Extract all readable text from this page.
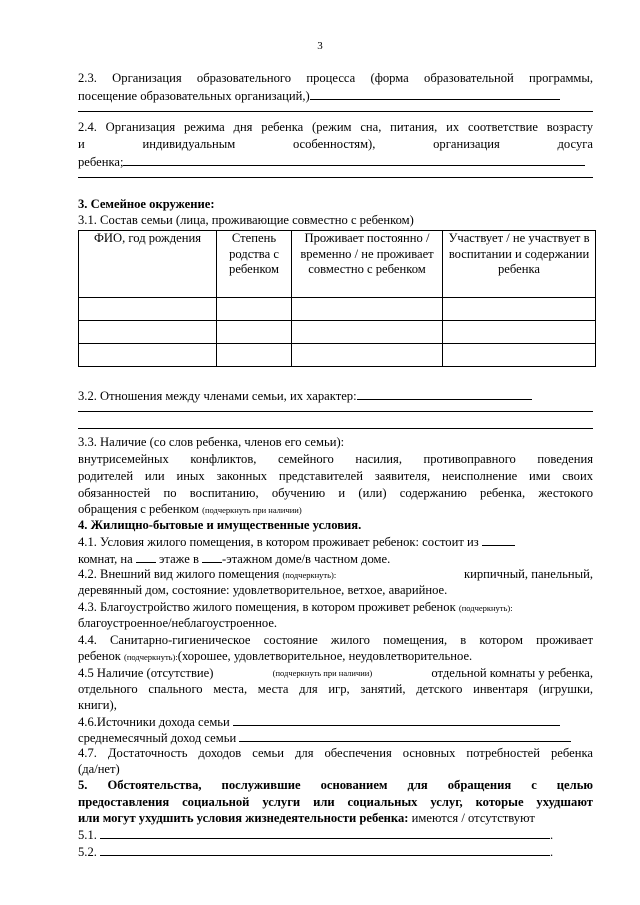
3
2.3. Организация образовательного процесса (форма образовательной программы,
посещение образовательных организаций,)
2.4. Организация режима дня ребенка (режим сна, питания, их соответствие возрасту
и	индивидуальным	особенностям),	организация	досуга
ребенка;
3. Семейное окружение:
3.1. Состав семьи (лица, проживающие совместно с ребенком)
ФИО, год рождения	Степень родства с ребенком	Проживает постоянно / временно / не проживает совместно с ребенком	Участвует / не участвует в воспитании и содержании ребенка

3.2. Отношения между членами семьи, их характер:
3.3. Наличие (со слов ребенка, членов его семьи):
внутрисемейных конфликтов, семейного насилия, противоправного поведения
родителей или иных законных представителей заявителя, неисполнение ими своих
обязанностей по воспитанию, обучению и (или) содержанию ребенка, жестокого
обращения с ребенком (подчеркнуть при наличии)
4. Жилищно-бытовые и имущественные условия.
4.1. Условия жилого помещения, в котором проживает ребенок: состоит из
комнат, на этаже в -этажном доме/в частном доме.
4.2. Внешний вид жилого помещения (подчеркнуть):	кирпичный, панельный,
деревянный дом, состояние: удовлетворительное, ветхое, аварийное.
4.3. Благоустройство жилого помещения, в котором проживет ребенок (подчеркнуть):
благоустроенное/неблагоустроенное.
4.4. Санитарно-гигиеническое состояние жилого помещения, в котором проживает
ребенок (подчеркнуть):(хорошее, удовлетворительное, неудовлетворительное.
4.5 Наличие (отсутствие)	(подчеркнуть при наличии)	отдельной комнаты у ребенка,
отдельного спального места, места для игр, занятий, детского инвентаря (игрушки,
книги),
4.6.Источники дохода семьи
среднемесячный доход семьи
4.7. Достаточность доходов семьи для обеспечения основных потребностей ребенка
(да/нет)
5. Обстоятельства, послужившие основанием для обращения с целью
предоставления социальной услуги или социальных услуг, которые ухудшают
или могут ухудшить условия жизнедеятельности ребенка: имеются / отсутствуют
5.1.	.
5.2.	.
